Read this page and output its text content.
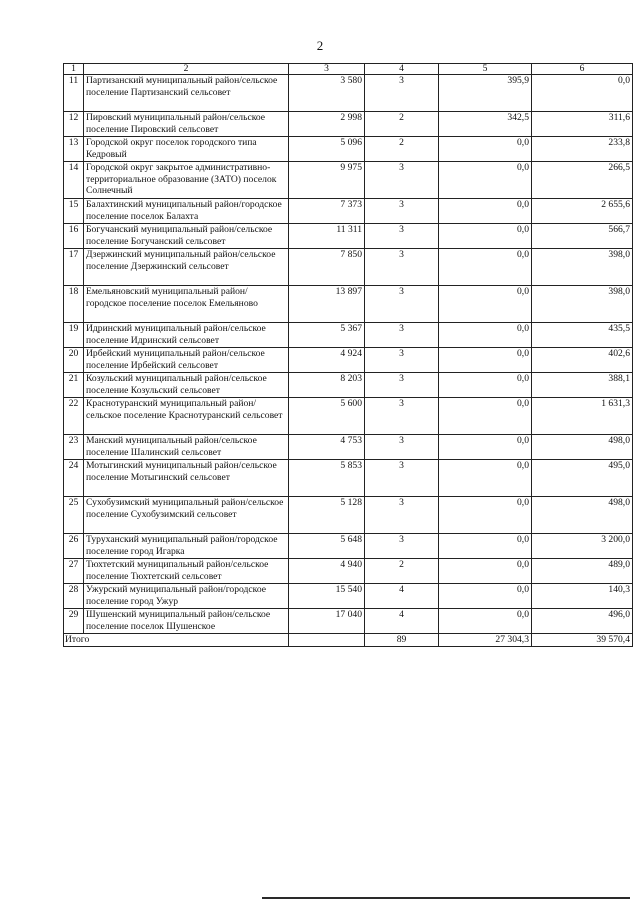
2
1	2	3	4	5	6
11	Партизанский муниципальный район/сельское поселение Партизанский сельсовет	3 580	3	395,9	0,0
12	Пировский муниципальный район/сельское поселение Пировский сельсовет	2 998	2	342,5	311,6
13	Городской округ поселок городского типа Кедровый	5 096	2	0,0	233,8
14	Городской округ закрытое административно-территориальное образование (ЗАТО) поселок Солнечный	9 975	3	0,0	266,5
15	Балахтинский муниципальный район/городское поселение поселок Балахта	7 373	3	0,0	2 655,6
16	Богучанский муниципальный район/сельское поселение Богучанский сельсовет	11 311	3	0,0	566,7
17	Дзержинский муниципальный район/сельское поселение Дзержинский сельсовет	7 850	3	0,0	398,0
18	Емельяновский муниципальный район/городское поселение поселок Емельяново	13 897	3	0,0	398,0
19	Идринский муниципальный район/сельское поселение Идринский сельсовет	5 367	3	0,0	435,5
20	Ирбейский муниципальный район/сельское поселение Ирбейский сельсовет	4 924	3	0,0	402,6
21	Козульский муниципальный район/сельское поселение Козульский сельсовет	8 203	3	0,0	388,1
22	Краснотуранский муниципальный район/сельское поселение Краснотуранский сельсовет	5 600	3	0,0	1 631,3
23	Манский муниципальный район/сельское поселение Шалинский сельсовет	4 753	3	0,0	498,0
24	Мотыгинский муниципальный район/сельское поселение Мотыгинский сельсовет	5 853	3	0,0	495,0
25	Сухобузимский муниципальный район/сельское поселение Сухобузимский сельсовет	5 128	3	0,0	498,0
26	Туруханский муниципальный район/городское поселение город Игарка	5 648	3	0,0	3 200,0
27	Тюхтетский муниципальный район/сельское поселение Тюхтетский сельсовет	4 940	2	0,0	489,0
28	Ужурский муниципальный район/городское поселение город Ужур	15 540	4	0,0	140,3
29	Шушенский муниципальный район/сельское поселение поселок Шушенское	17 040	4	0,0	496,0
Итого			89	27 304,3	39 570,4
